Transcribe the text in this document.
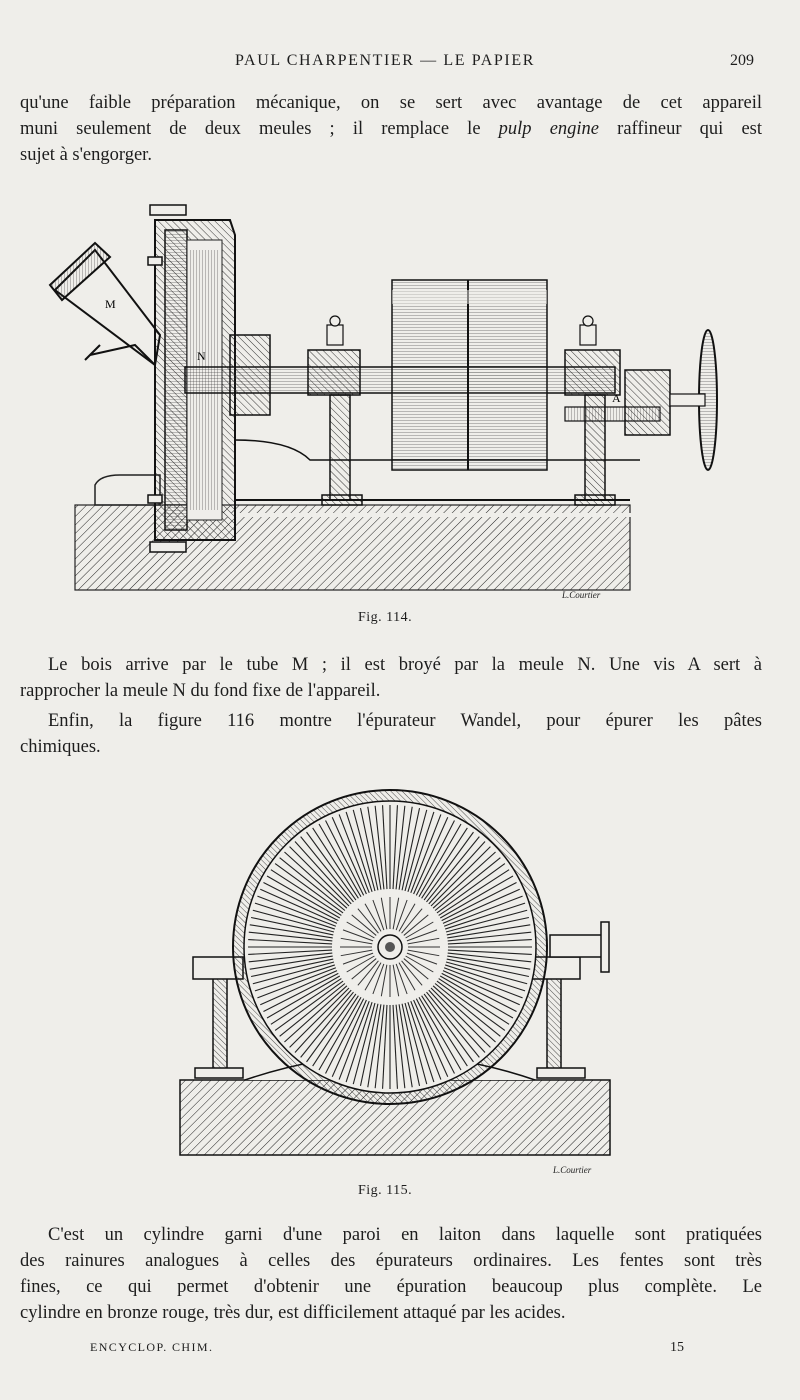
PAUL CHARPENTIER — LE PAPIER	209
qu'une faible préparation mécanique, on se sert avec avantage de cet appareil
muni seulement de deux meules ; il remplace le pulp engine raffineur qui est
sujet à s'engorger.
M
N
A
L.Courtier
Fig. 114.
Le bois arrive par le tube M ; il est broyé par la meule N. Une vis A sert à
rapprocher la meule N du fond fixe de l'appareil.
Enfin, la figure 116 montre l'épurateur Wandel, pour épurer les pâtes
chimiques.
L.Courtier
Fig. 115.
C'est un cylindre garni d'une paroi en laiton dans laquelle sont pratiquées
des rainures analogues à celles des épurateurs ordinaires. Les fentes sont très
fines, ce qui permet d'obtenir une épuration beaucoup plus complète. Le
cylindre en bronze rouge, très dur, est difficilement attaqué par les acides.
ENCYCLOP. CHIM.	15
